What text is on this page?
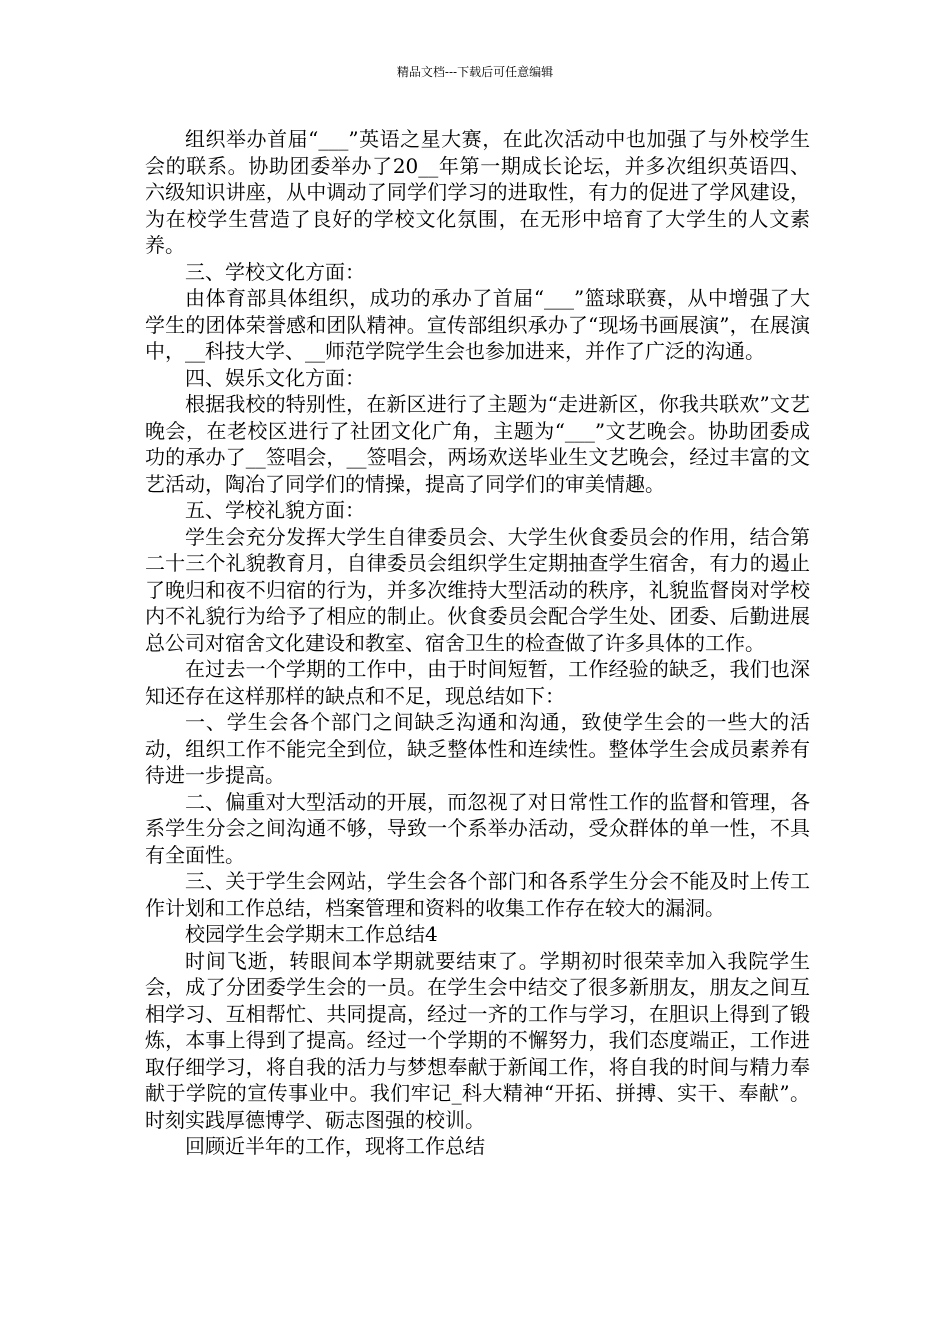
精品文档---下载后可任意编辑

组织举办首届“___”英语之星大赛，在此次活动中也加强了与外校学生会的联系。协助团委举办了20__年第一期成长论坛，并多次组织英语四、六级知识讲座，从中调动了同学们学习的进取性，有力的促进了学风建设，为在校学生营造了良好的学校文化氛围，在无形中培育了大学生的人文素养。

三、学校文化方面：

由体育部具体组织，成功的承办了首届“___”篮球联赛，从中增强了大学生的团体荣誉感和团队精神。宣传部组织承办了“现场书画展演”，在展演中，__科技大学、__师范学院学生会也参加进来，并作了广泛的沟通。

四、娱乐文化方面：

根据我校的特别性，在新区进行了主题为“走进新区，你我共联欢”文艺晚会，在老校区进行了社团文化广角，主题为“___”文艺晚会。协助团委成功的承办了__签唱会，__签唱会，两场欢送毕业生文艺晚会，经过丰富的文艺活动，陶冶了同学们的情操，提高了同学们的审美情趣。

五、学校礼貌方面：

学生会充分发挥大学生自律委员会、大学生伙食委员会的作用，结合第二十三个礼貌教育月，自律委员会组织学生定期抽查学生宿舍，有力的遏止了晚归和夜不归宿的行为，并多次维持大型活动的秩序，礼貌监督岗对学校内不礼貌行为给予了相应的制止。伙食委员会配合学生处、团委、后勤进展总公司对宿舍文化建设和教室、宿舍卫生的检查做了许多具体的工作。

在过去一个学期的工作中，由于时间短暂，工作经验的缺乏，我们也深知还存在这样那样的缺点和不足，现总结如下：

一、学生会各个部门之间缺乏沟通和沟通，致使学生会的一些大的活动，组织工作不能完全到位，缺乏整体性和连续性。整体学生会成员素养有待进一步提高。

二、偏重对大型活动的开展，而忽视了对日常性工作的监督和管理，各系学生分会之间沟通不够，导致一个系举办活动，受众群体的单一性，不具有全面性。

三、关于学生会网站，学生会各个部门和各系学生分会不能及时上传工作计划和工作总结，档案管理和资料的收集工作存在较大的漏洞。

校园学生会学期末工作总结4

时间飞逝，转眼间本学期就要结束了。学期初时很荣幸加入我院学生会，成了分团委学生会的一员。在学生会中结交了很多新朋友，朋友之间互相学习、互相帮忙、共同提高，经过一齐的工作与学习，在胆识上得到了锻炼，本事上得到了提高。经过一个学期的不懈努力，我们态度端正，工作进取仔细学习，将自我的活力与梦想奉献于新闻工作，将自我的时间与精力奉献于学院的宣传事业中。我们牢记_科大精神“开拓、拼搏、实干、奉献”。时刻实践厚德博学、砺志图强的校训。

回顾近半年的工作，现将工作总结
